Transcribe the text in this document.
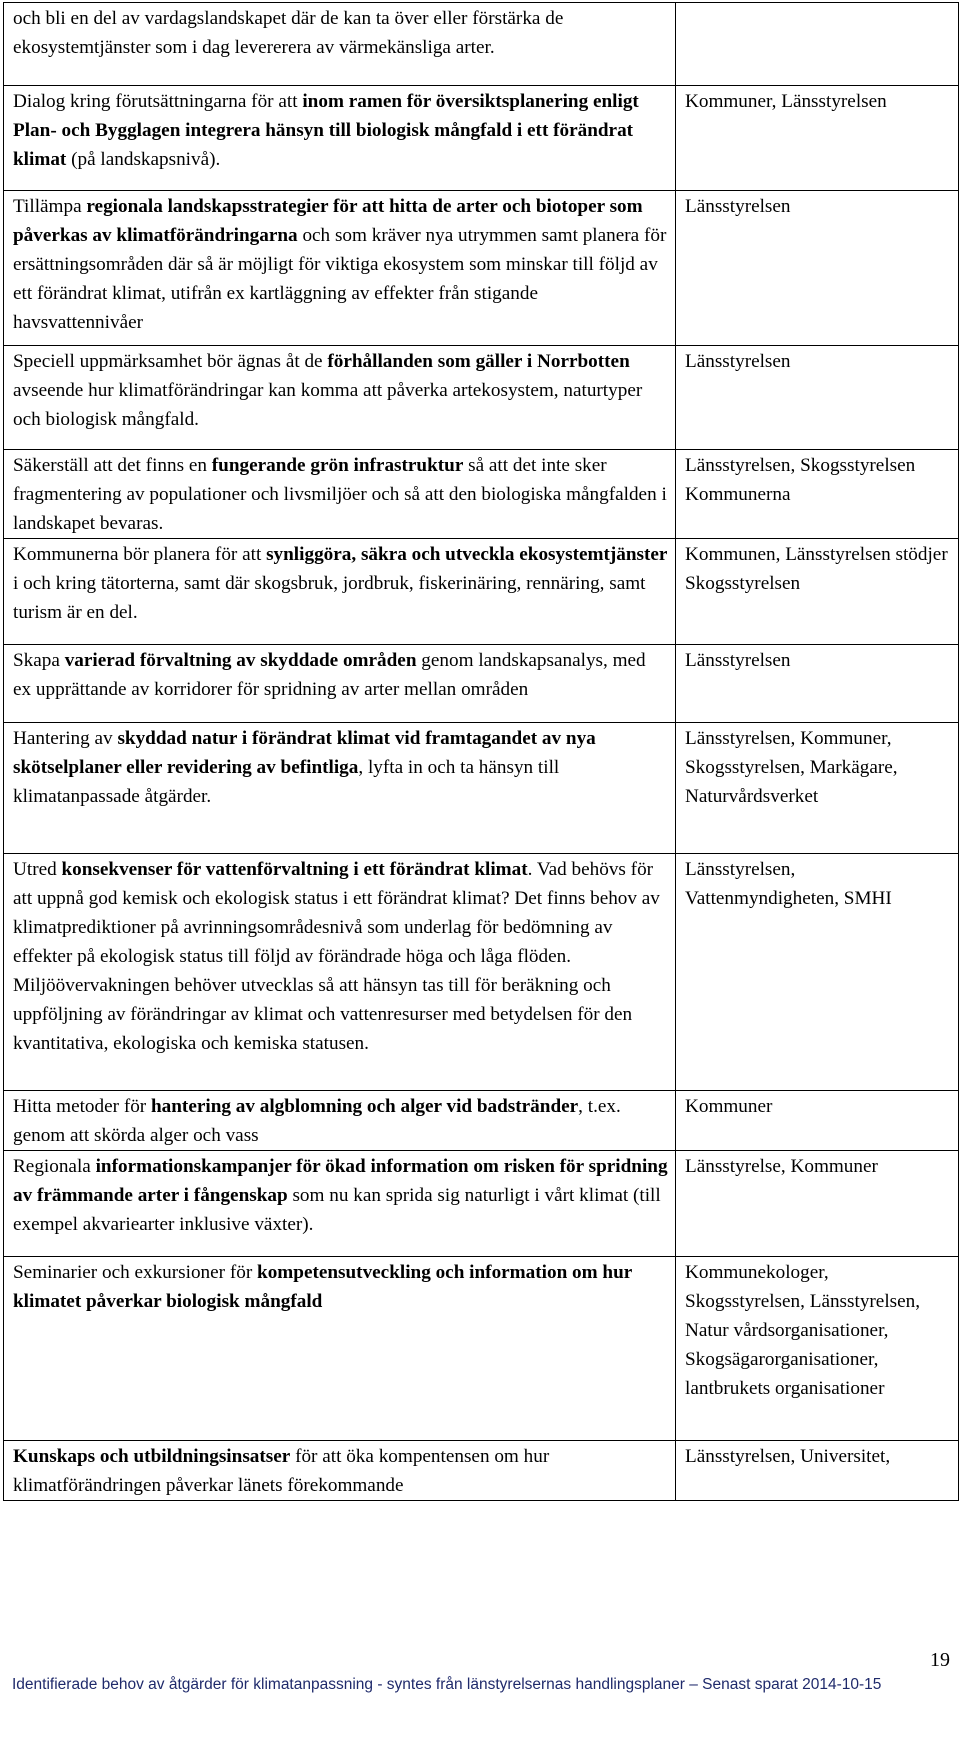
och bli en del av vardagslandskapet där de kan ta över eller förstärka de ekosystemtjänster som i dag levererera av värmekänsliga arter.	
Dialog kring förutsättningarna för att inom ramen för översiktsplanering enligt Plan- och Bygglagen integrera hänsyn till biologisk mångfald i ett förändrat klimat (på landskapsnivå).	Kommuner, Länsstyrelsen
Tillämpa regionala landskapsstrategier för att hitta de arter och biotoper som påverkas av klimatförändringarna och som kräver nya utrymmen samt planera för ersättningsområden där så är möjligt för viktiga ekosystem som minskar till följd av ett förändrat klimat, utifrån ex kartläggning av effekter från stigande havsvattennivåer	Länsstyrelsen
Speciell uppmärksamhet bör ägnas åt de förhållanden som gäller i Norrbotten avseende hur klimatförändringar kan komma att påverka artekosystem, naturtyper och biologisk mångfald.	Länsstyrelsen
Säkerställ att det finns en fungerande grön infrastruktur så att det inte sker fragmentering av populationer och livsmiljöer och så att den biologiska mångfalden i landskapet bevaras.	Länsstyrelsen, Skogsstyrelsen Kommunerna
Kommunerna bör planera för att synliggöra, säkra och utveckla ekosystemtjänster i och kring tätorterna, samt där skogsbruk, jordbruk, fiskerinäring, rennäring, samt turism är en del.	Kommunen, Länsstyrelsen stödjer Skogsstyrelsen
Skapa varierad förvaltning av skyddade områden genom landskapsanalys, med ex upprättande av korridorer för spridning av arter mellan områden	Länsstyrelsen
Hantering av skyddad natur i förändrat klimat vid framtagandet av nya skötselplaner eller revidering av befintliga, lyfta in och ta hänsyn till klimatanpassade åtgärder.	Länsstyrelsen, Kommuner, Skogsstyrelsen, Markägare, Naturvårdsverket
Utred konsekvenser för vattenförvaltning i ett förändrat klimat. Vad behövs för att uppnå god kemisk och ekologisk status i ett förändrat klimat? Det finns behov av klimatprediktioner på avrinningsområdesnivå som underlag för bedömning av effekter på ekologisk status till följd av förändrade höga och låga flöden. Miljöövervakningen behöver utvecklas så att hänsyn tas till för beräkning och uppföljning av förändringar av klimat och vattenresurser med betydelsen för den kvantitativa, ekologiska och kemiska statusen.	Länsstyrelsen, Vattenmyndigheten, SMHI
Hitta metoder för hantering av algblomning och alger vid badstränder, t.ex. genom att skörda alger och vass	Kommuner
Regionala informationskampanjer för ökad information om risken för spridning av främmande arter i fångenskap som nu kan sprida sig naturligt i vårt klimat (till exempel akvariearter inklusive växter).	Länsstyrelse, Kommuner
Seminarier och exkursioner för kompetensutveckling och information om hur klimatet påverkar biologisk mångfald	Kommunekologer, Skogsstyrelsen, Länsstyrelsen, Natur vårdsorganisationer, Skogsägarorganisationer, lantbrukets organisationer
Kunskaps och utbildningsinsatser för att öka kompentensen om hur klimatförändringen påverkar länets förekommande	Länsstyrelsen, Universitet,
19
Identifierade behov av åtgärder för klimatanpassning - syntes från länstyrelsernas handlingsplaner – Senast sparat 2014-10-15
